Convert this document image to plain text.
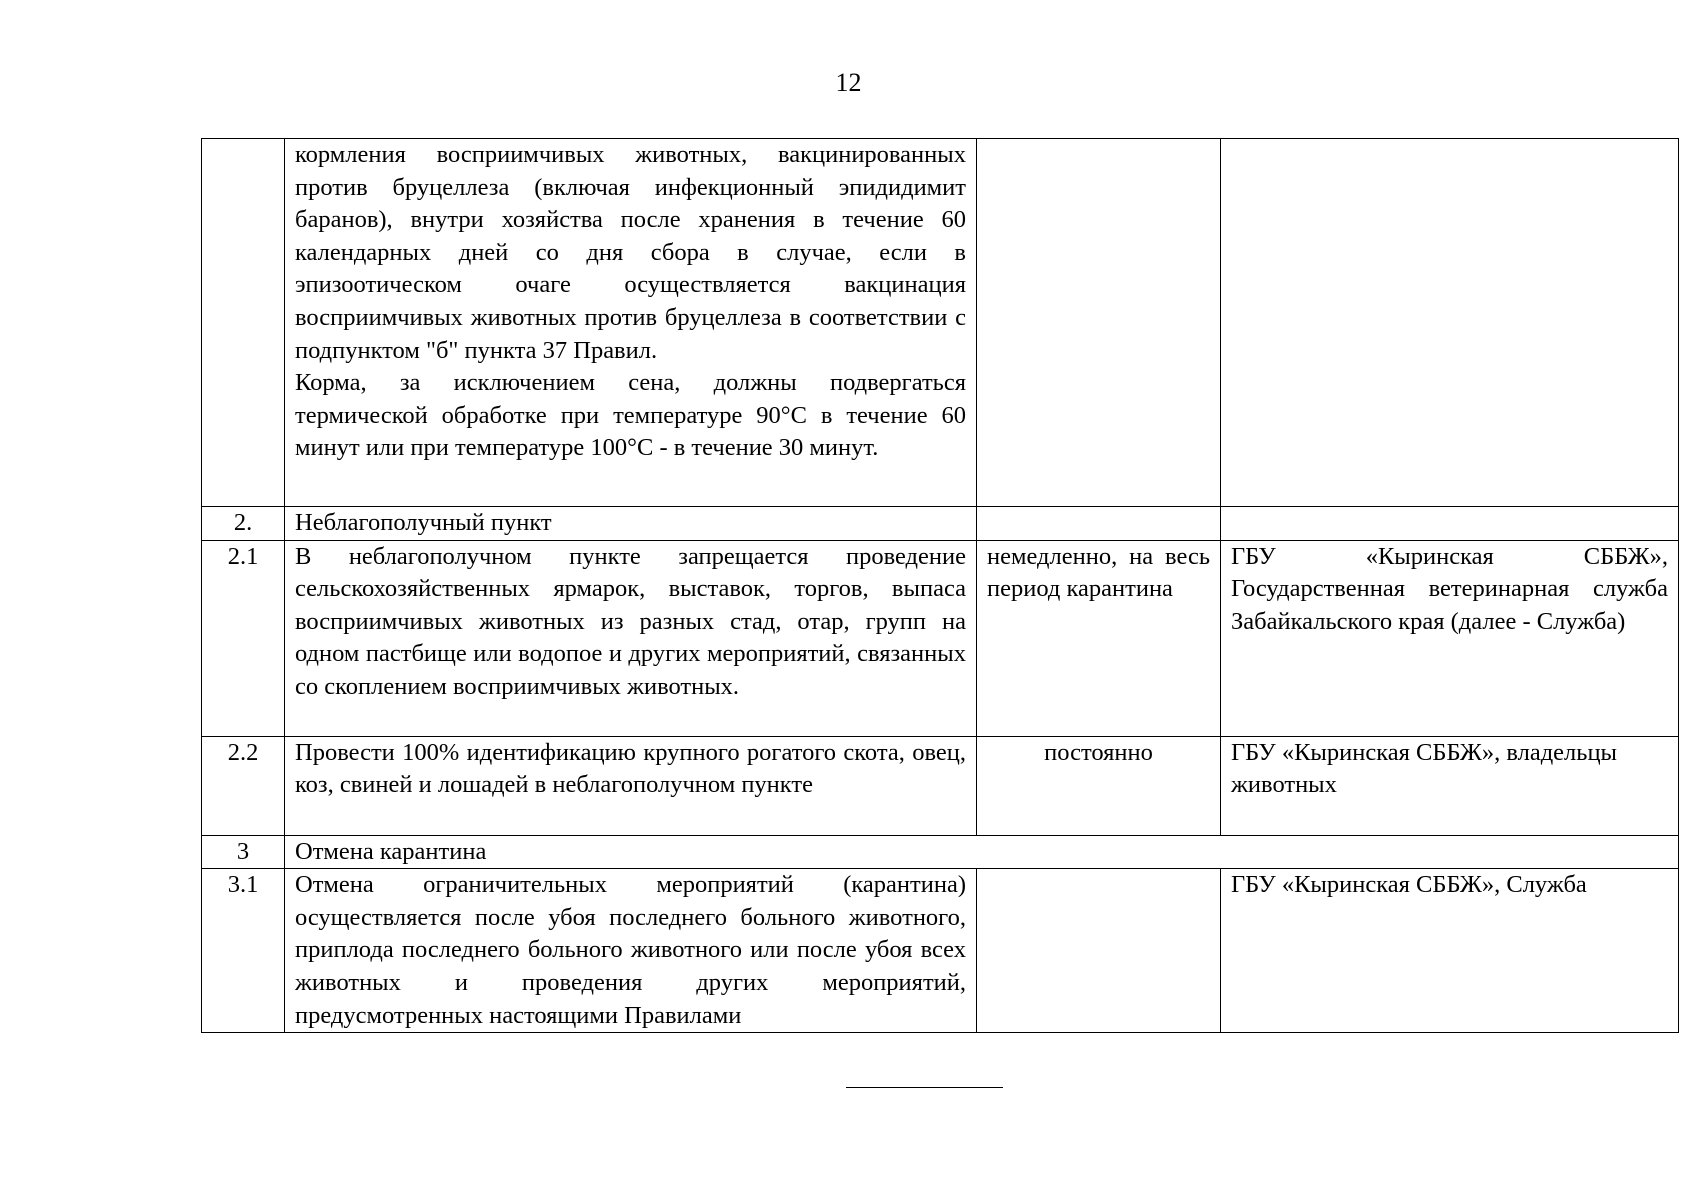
12

	кормления восприимчивых животных, вакцинированных против бруцеллеза (включая инфекционный эпидидимит баранов), внутри хозяйства после хранения в течение 60 календарных дней со дня сбора в случае, если в эпизоотическом очаге осуществляется вакцинация восприимчивых животных против бруцеллеза в соответствии с подпунктом "б" пункта 37 Правил.
Корма, за исключением сена, должны подвергаться термической обработке при температуре 90°C в течение 60 минут или при температуре 100°C - в течение 30 минут.		

2.	Неблагополучный пункт		
2.1	В неблагополучном пункте запрещается проведение сельскохозяйственных ярмарок, выставок, торгов, выпаса восприимчивых животных из разных стад, отар, групп на одном пастбище или водопое и других мероприятий, связанных со скоплением восприимчивых животных.	немедленно, на весь период карантина	ГБУ «Кыринская СББЖ», Государственная ветеринарная служба Забайкальского края (далее - Служба)
2.2	Провести 100% идентификацию крупного рогатого скота, овец, коз, свиней и лошадей в неблагополучном пункте	постоянно	ГБУ «Кыринская СББЖ», владельцы животных
3	Отмена карантина		
3.1	Отмена ограничительных мероприятий (карантина) осуществляется после убоя последнего больного животного, приплода последнего больного животного или после убоя всех животных и проведения других мероприятий, предусмотренных настоящими Правилами		ГБУ «Кыринская СББЖ», Служба
